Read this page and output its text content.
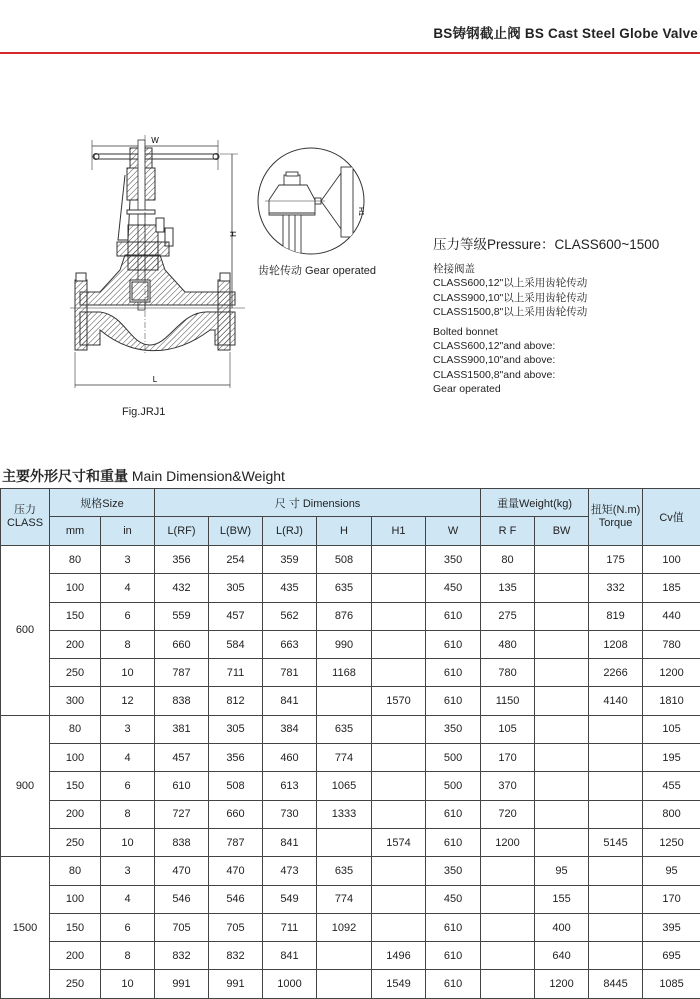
BS铸钢截止阀 BS Cast Steel Globe Valve
W
H
L
Fig.JRJ1
H1
齿轮传动 Gear operated
压力等级Pressure：CLASS600~1500
栓接阀盖
CLASS600,12"以上采用齿轮传动
CLASS900,10"以上采用齿轮传动
CLASS1500,8"以上采用齿轮传动
Bolted bonnet
CLASS600,12"and above:
CLASS900,10"and above:
CLASS1500,8"and above:
Gear operated
主要外形尺寸和重量 Main Dimension&Weight
压力
CLASS	规格Size		尺 寸 Dimensions						重量Weight(kg)		扭矩(N.m)
Torque	Cv值
	mm	in	L(RF)	L(BW)	L(RJ)	H	H1	W	R F	BW		
600	80	3	356	254	359	508		350	80		175	100
	100	4	432	305	435	635		450	135		332	185
	150	6	559	457	562	876		610	275		819	440
	200	8	660	584	663	990		610	480		1208	780
	250	10	787	711	781	1168		610	780		2266	1200
	300	12	838	812	841		1570	610	1150		4140	1810
900	80	3	381	305	384	635		350	105			105
	100	4	457	356	460	774		500	170			195
	150	6	610	508	613	1065		500	370			455
	200	8	727	660	730	1333		610	720			800
	250	10	838	787	841		1574	610	1200		5145	1250
1500	80	3	470	470	473	635		350		95		95
	100	4	546	546	549	774		450		155		170
	150	6	705	705	711	1092		610		400		395
	200	8	832	832	841		1496	610		640		695
	250	10	991	991	1000		1549	610		1200	8445	1085
